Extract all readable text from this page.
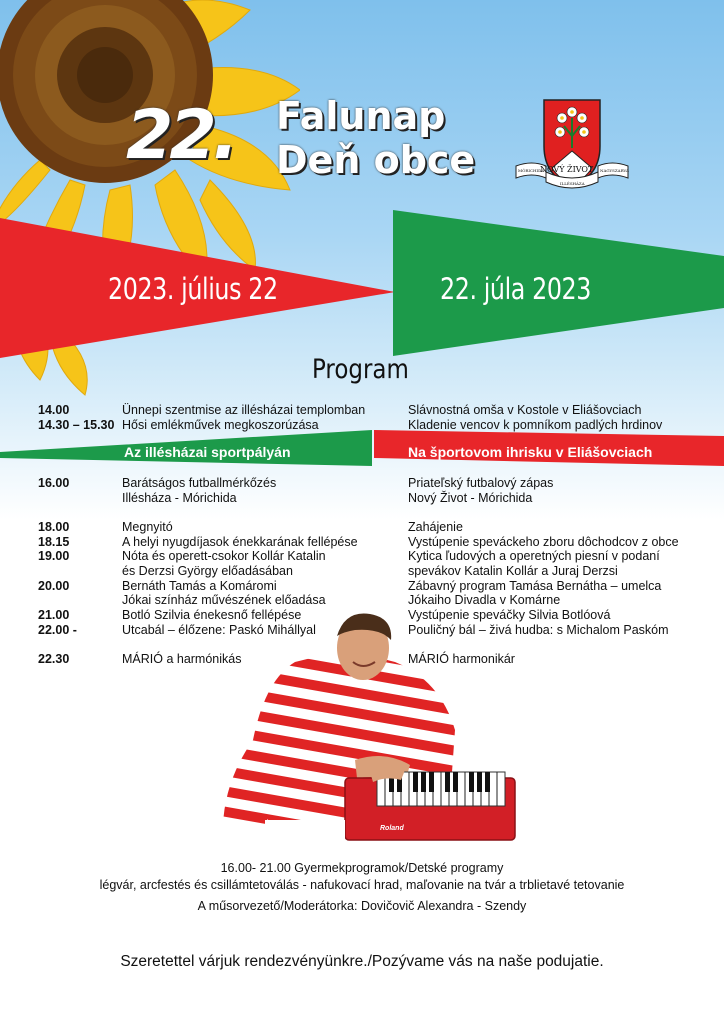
22. Falunap
Deň obce	NOVÝ ŽIVOT
MÓRICHIDA
ILLÉSHÁZA
NAGYSZARVA
2023. július 22	22. júla 2023
Program
14.00	Ünnepi szentmise az illésházai templomban	Slávnostná omša v Kostole v Eliášovciach
14.30 – 15.30 Hősi emlékművek megkoszorúzása	Kladenie vencov k pomníkom padlých hrdinov
Az illésházai sportpályán	Na športovom ihrisku v Eliášovciach
16.00	Barátságos futballmérkőzés	Priateľský futbalový zápas
Illésháza - Mórichida	Nový Život - Mórichida
18.00	Megnyitó	Zahájenie
18.15	A helyi nyugdíjasok énekkarának fellépése	Vystúpenie speváckeho zboru dôchodcov z obce
19.00	Nóta és operett-csokor Kollár Katalin	Kytica ľudových a operetných piesní v podaní
és Derzsi György előadásában	spevákov Katalin Kollár a Juraj Derzsi
20.00	Bernáth Tamás a Komáromi	Zábavný program Tamása Bernátha – umelca
Jókai színház művészének előadása	Jókaiho Divadla v Komárne
21.00	Botló Szilvia énekesnő fellépése	Vystúpenie speváčky Silvia Botlóová
22.00 -	Utcabál – élőzene: Paskó Mihállyal	Pouličný bál – živá hudba: s Michalom Paskóm
22.30	MÁRIÓ a harmónikás	MÁRIÓ harmonikár
Roland
16.00- 21.00 Gyermekprogramok/Detské programy
légvár, arcfestés és csillámtetoválás - nafukovací hrad, maľovanie na tvár a trblietavé tetovanie
A műsorvezető/Moderátorka: Dovičovič Alexandra - Szendy
Szeretettel várjuk rendezvényünkre./Pozývame vás na naše podujatie.
